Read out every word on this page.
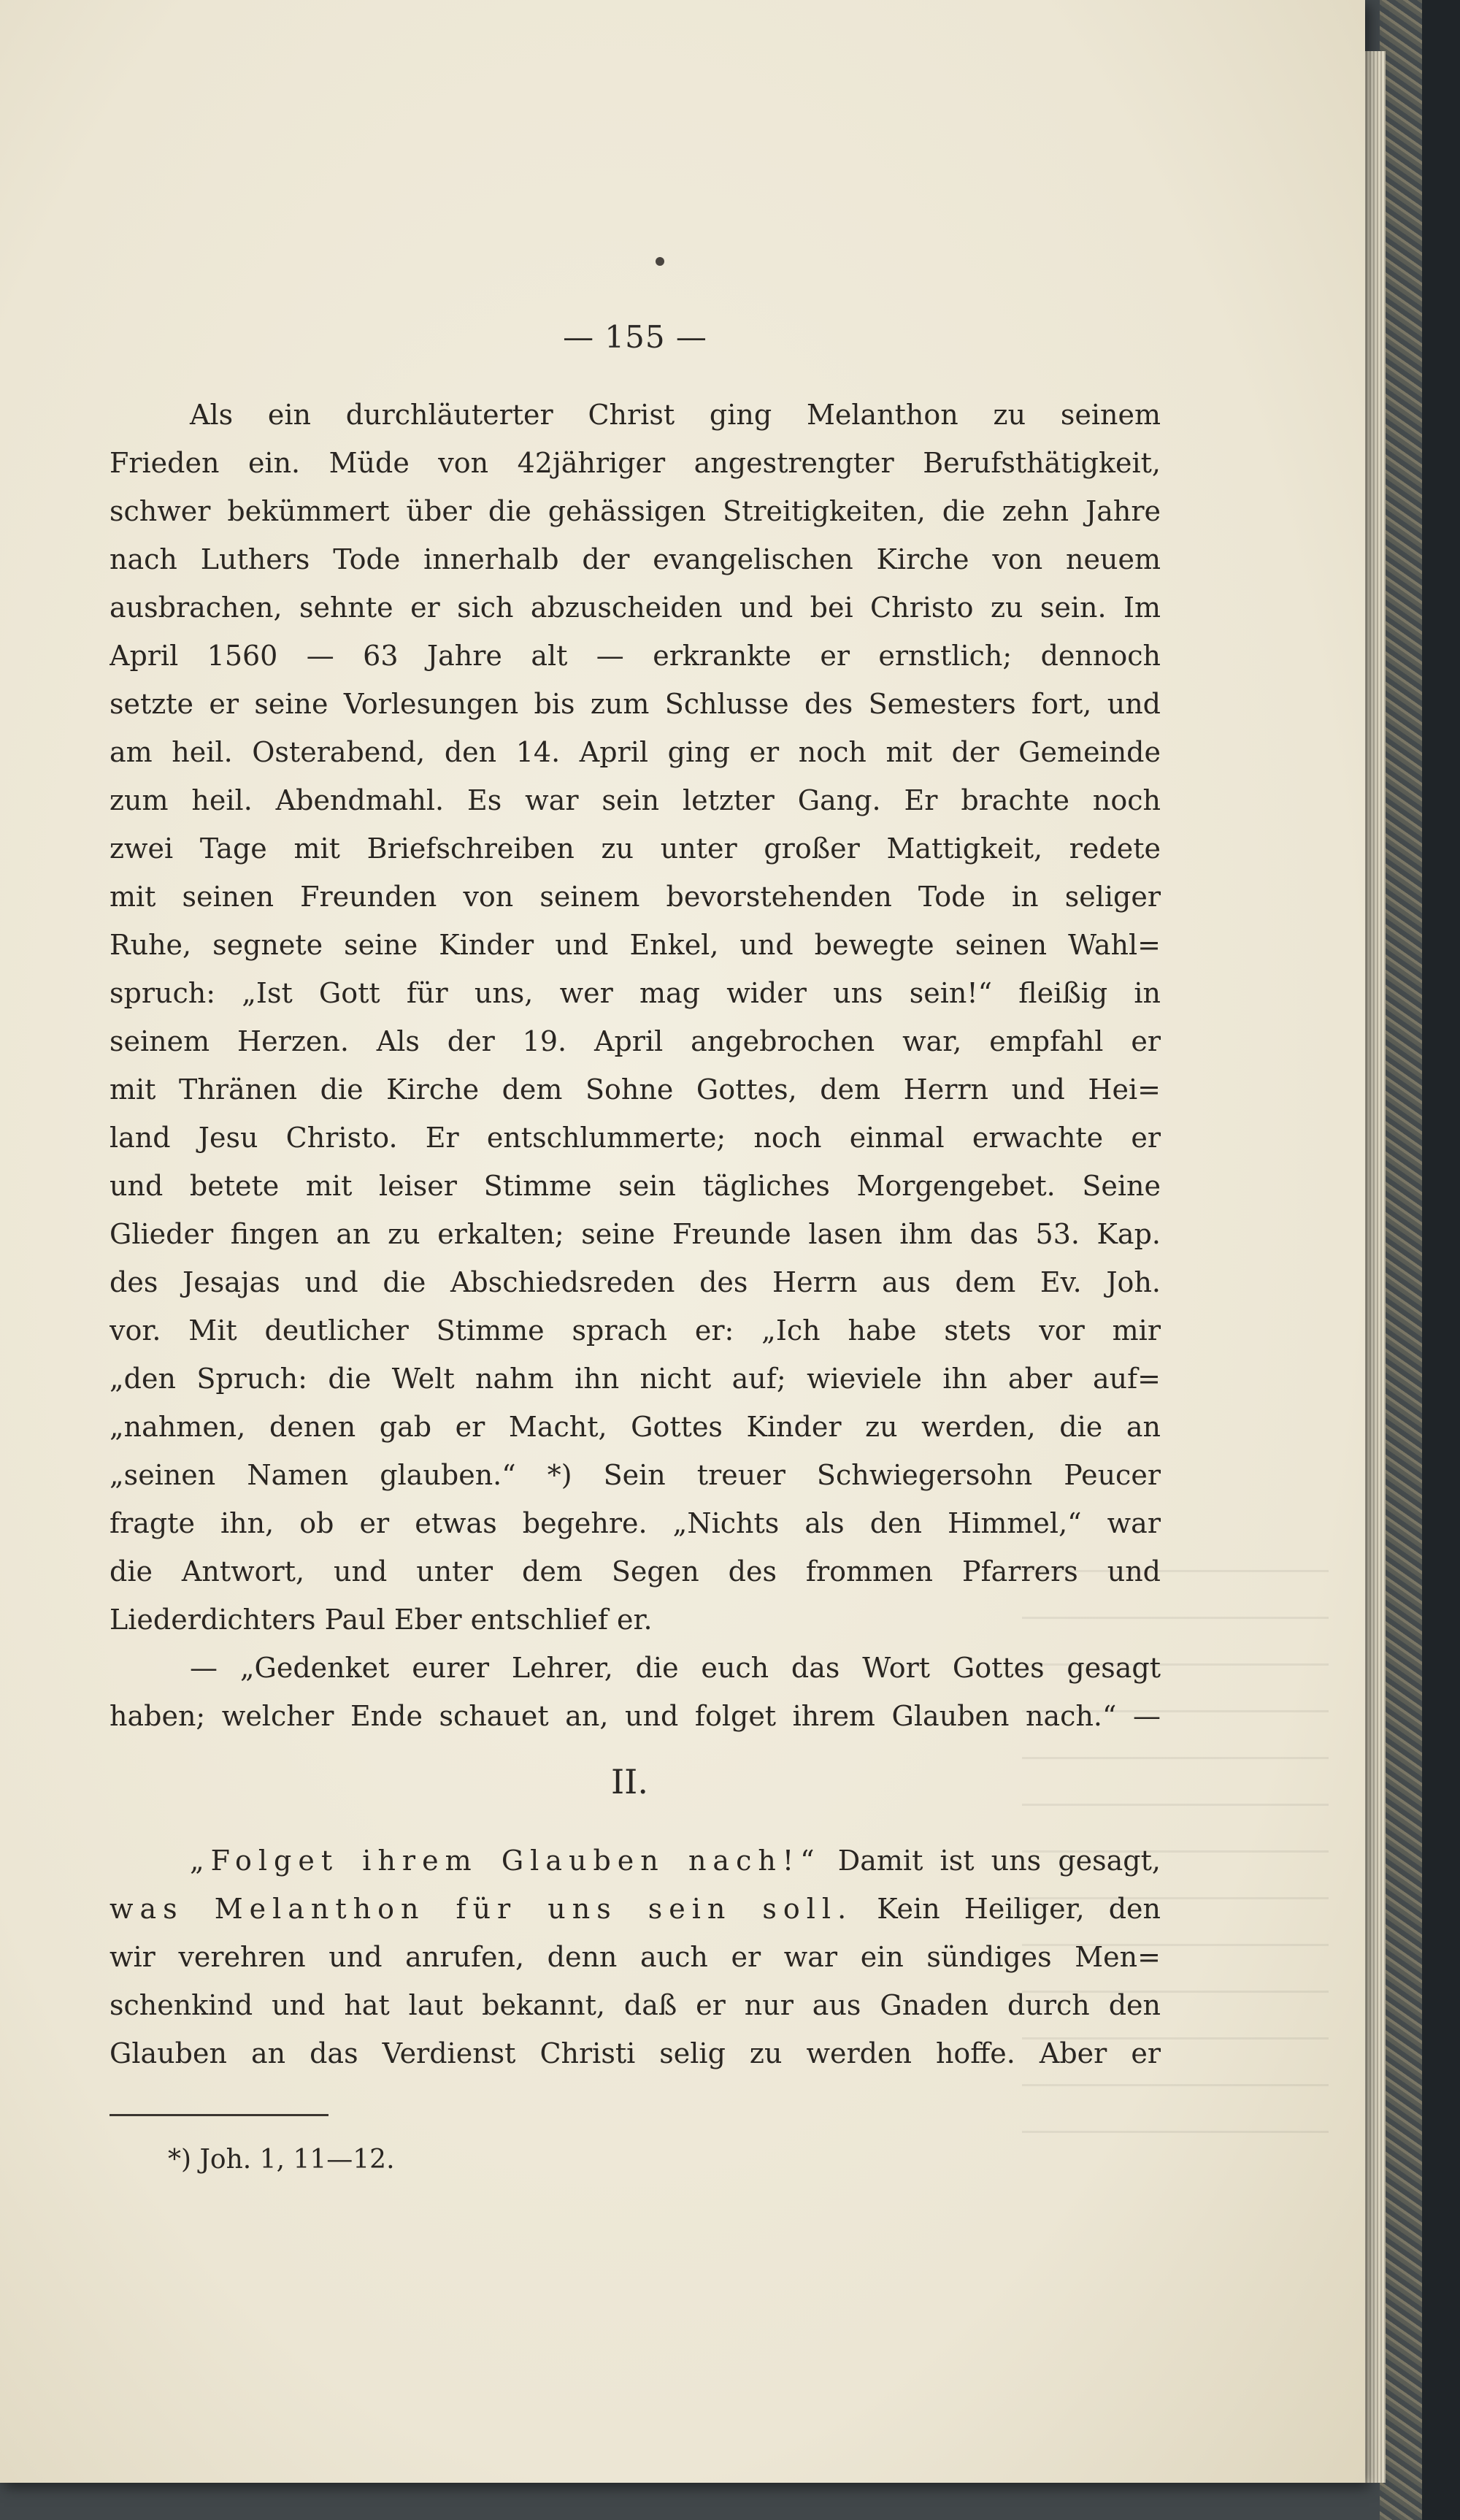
— 155 —
Als ein durchläuterter Christ ging Melanthon zu seinem
Frieden ein. Müde von 42jähriger angestrengter Berufsthätigkeit,
schwer bekümmert über die gehässigen Streitigkeiten, die zehn Jahre
nach Luthers Tode innerhalb der evangelischen Kirche von neuem
ausbrachen, sehnte er sich abzuscheiden und bei Christo zu sein. Im
April 1560 — 63 Jahre alt — erkrankte er ernstlich; dennoch
setzte er seine Vorlesungen bis zum Schlusse des Semesters fort, und
am heil. Osterabend, den 14. April ging er noch mit der Gemeinde
zum heil. Abendmahl. Es war sein letzter Gang. Er brachte noch
zwei Tage mit Briefschreiben zu unter großer Mattigkeit, redete
mit seinen Freunden von seinem bevorstehenden Tode in seliger
Ruhe, segnete seine Kinder und Enkel, und bewegte seinen Wahl=
spruch: „Ist Gott für uns, wer mag wider uns sein!“ fleißig in
seinem Herzen. Als der 19. April angebrochen war, empfahl er
mit Thränen die Kirche dem Sohne Gottes, dem Herrn und Hei=
land Jesu Christo. Er entschlummerte; noch einmal erwachte er
und betete mit leiser Stimme sein tägliches Morgengebet. Seine
Glieder fingen an zu erkalten; seine Freunde lasen ihm das 53. Kap.
des Jesajas und die Abschiedsreden des Herrn aus dem Ev. Joh.
vor. Mit deutlicher Stimme sprach er: „Ich habe stets vor mir
„den Spruch: die Welt nahm ihn nicht auf; wieviele ihn aber auf=
„nahmen, denen gab er Macht, Gottes Kinder zu werden, die an
„seinen Namen glauben.“ *) Sein treuer Schwiegersohn Peucer
fragte ihn, ob er etwas begehre. „Nichts als den Himmel,“ war
die Antwort, und unter dem Segen des frommen Pfarrers und
Liederdichters Paul Eber entschlief er.
— „Gedenket eurer Lehrer, die euch das Wort Gottes gesagt
haben; welcher Ende schauet an, und folget ihrem Glauben nach.“ —
II.
„Folget ihrem Glauben nach!“ Damit ist uns gesagt,
was Melanthon für uns sein soll. Kein Heiliger, den
wir verehren und anrufen, denn auch er war ein sündiges Men=
schenkind und hat laut bekannt, daß er nur aus Gnaden durch den
Glauben an das Verdienst Christi selig zu werden hoffe. Aber er
*) Joh. 1, 11—12.
